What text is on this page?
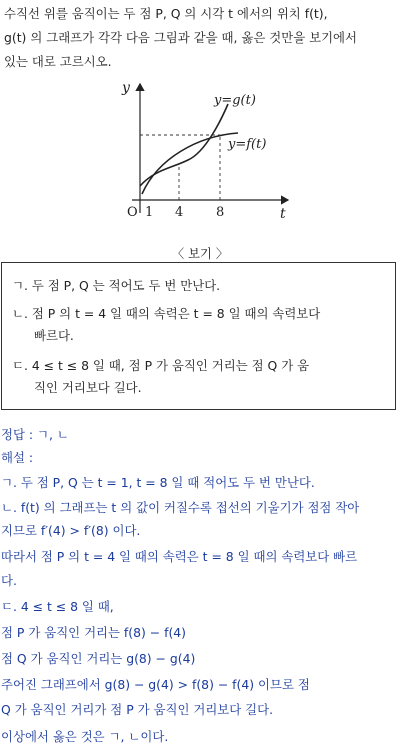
수직선 위를 움직이는 두 점 P, Q 의 시각 t 에서의 위치 f(t),
g(t) 의 그래프가 각각 다음 그림과 같을 때, 옳은 것만을 보기에서
있는 대로 고르시오.
y
t
O 1 4	8
y=g(t)
y=f(t)
〈 보기 〉
ㄱ. 두 점 P, Q 는 적어도 두 번 만난다.
ㄴ. 점 P 의 t = 4 일 때의 속력은 t = 8 일 때의 속력보다
빠르다.
ㄷ. 4 ≤ t ≤ 8 일 때, 점 P 가 움직인 거리는 점 Q 가 움
직인 거리보다 길다.
정답 : ㄱ, ㄴ
해설 :
ㄱ. 두 점 P, Q 는 t = 1, t = 8 일 때 적어도 두 번 만난다.
ㄴ. f(t) 의 그래프는 t 의 값이 커질수록 접선의 기울기가 점점 작아
지므로 f′(4) > f′(8) 이다.
따라서 점 P 의 t = 4 일 때의 속력은 t = 8 일 때의 속력보다 빠르
다.
ㄷ. 4 ≤ t ≤ 8 일 때,
점 P 가 움직인 거리는 f(8) − f(4)
점 Q 가 움직인 거리는 g(8) − g(4)
주어진 그래프에서 g(8) − g(4) > f(8) − f(4) 이므로 점
Q 가 움직인 거리가 점 P 가 움직인 거리보다 길다.
이상에서 옳은 것은 ㄱ, ㄴ이다.
